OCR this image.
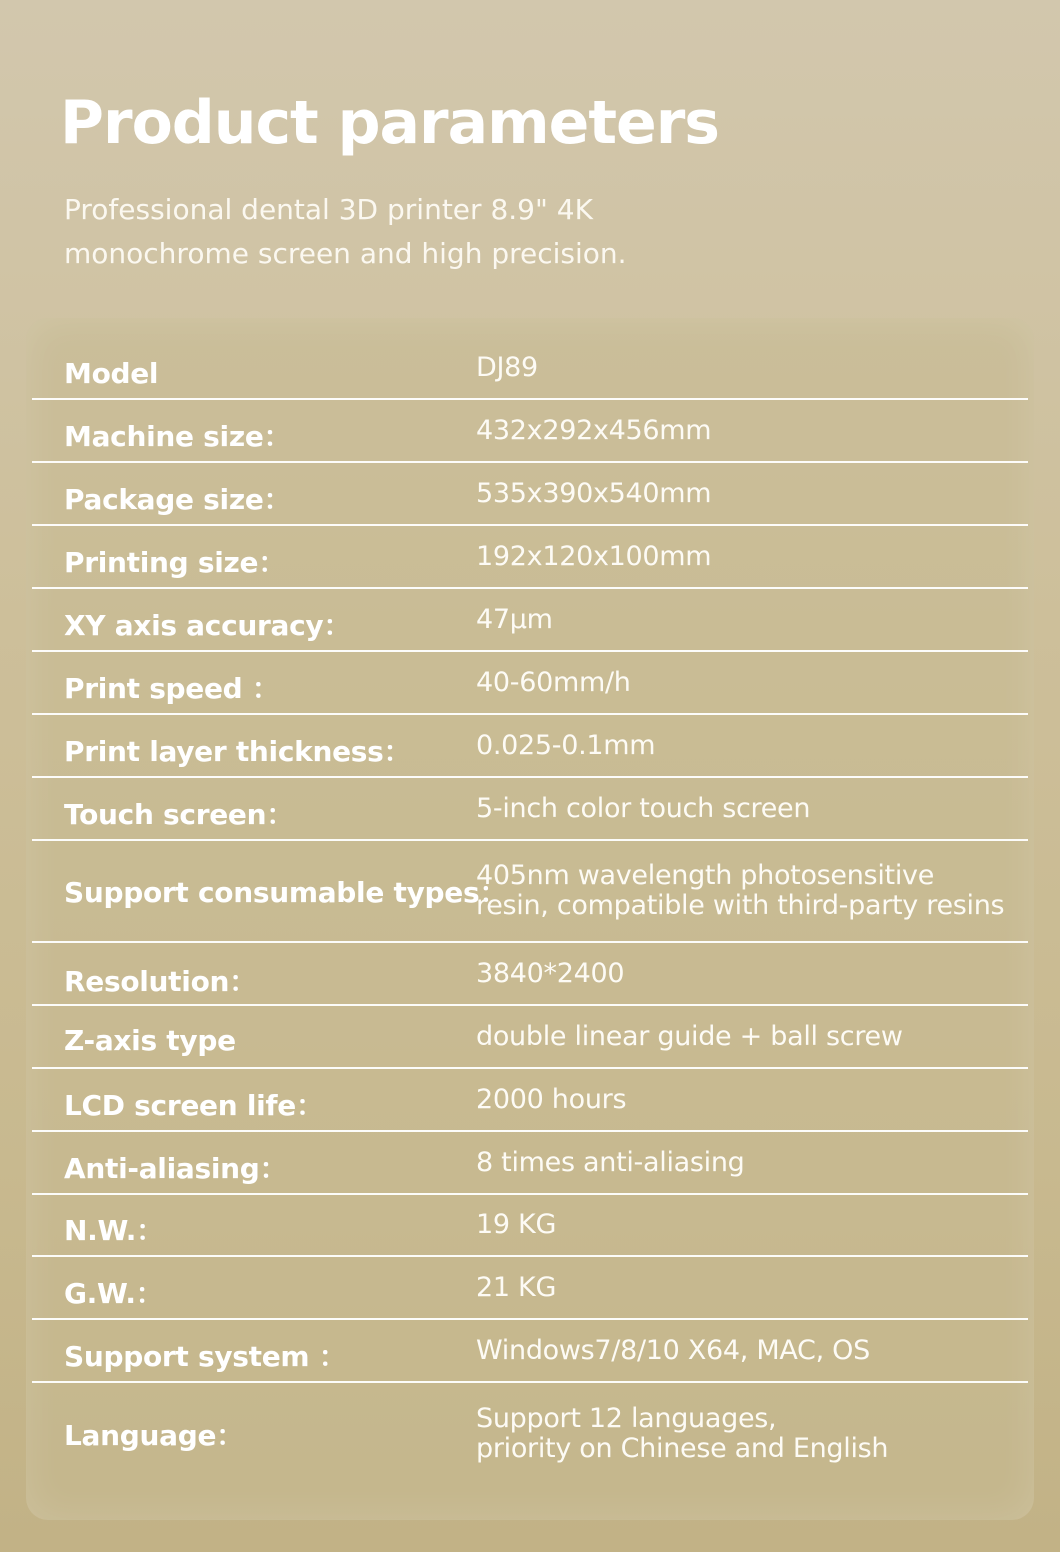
Product parameters
Professional dental 3D printer 8.9" 4K
monochrome screen and high precision.
Model	DJ89
Machine size：	432x292x456mm
Package size：	535x390x540mm
Printing size：	192x120x100mm
XY axis accuracy：	47μm
Print speed ：	40-60mm/h
Print layer thickness：	0.025-0.1mm
Touch screen：	5-inch color touch screen
Support consumable types：
405nm wavelength photosensitive
resin, compatible with third-party resins
Resolution：	3840*2400
Z-axis type	double linear guide + ball screw
LCD screen life：	2000 hours
Anti-aliasing：	8 times anti-aliasing
N.W.：	19 KG
G.W.：	21 KG
Support system ：	Windows7/8/10 X64, MAC, OS
Language：
Support 12 languages,
priority on Chinese and English
